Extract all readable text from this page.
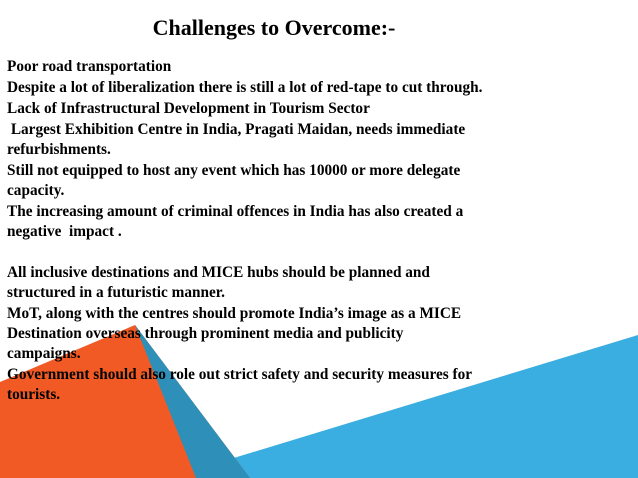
Challenges to Overcome:-
Poor road transportation
Despite a lot of liberalization there is still a lot of red-tape to cut through.
Lack of Infrastructural Development in Tourism Sector
Largest Exhibition Centre in India, Pragati Maidan, needs immediate
refurbishments.
Still not equipped to host any event which has 10000 or more delegate
capacity.
The increasing amount of criminal offences in India has also created a
negative  impact .
All inclusive destinations and MICE hubs should be planned and
structured in a futuristic manner.
MoT, along with the centres should promote India’s image as a MICE
Destination overseas through prominent media and publicity
campaigns.
Government should also role out strict safety and security measures for
tourists.
